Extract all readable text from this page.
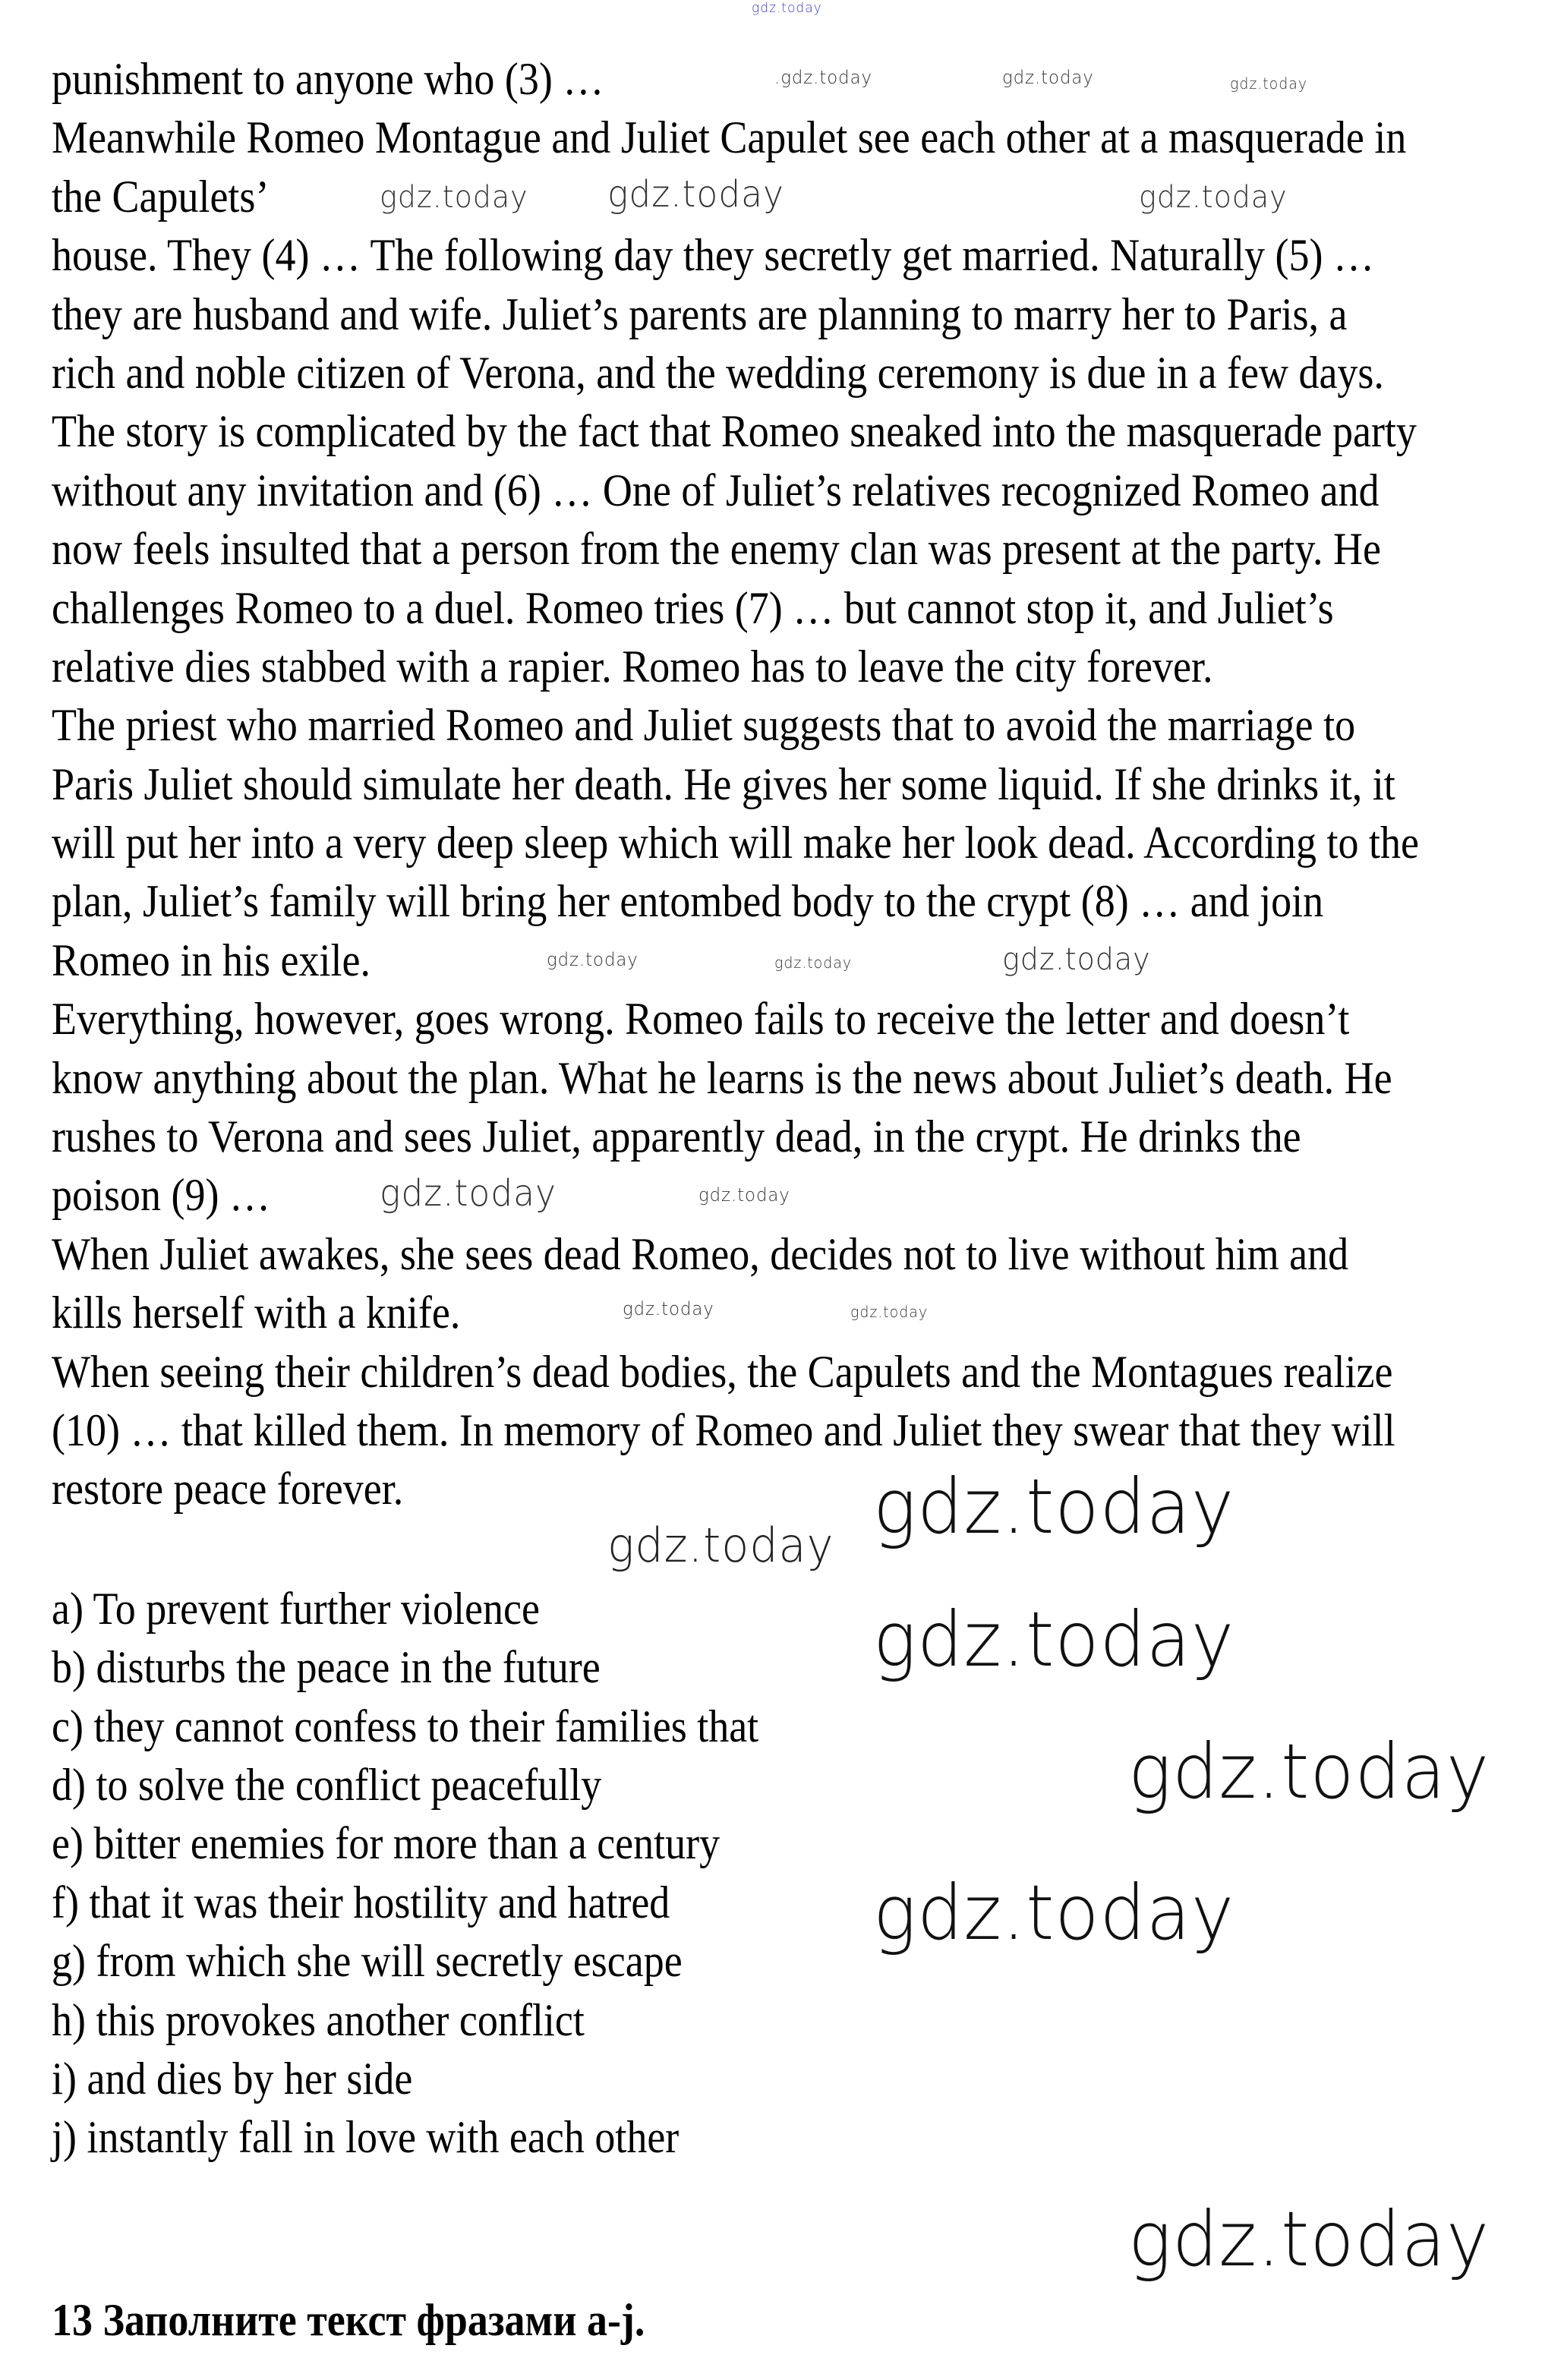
punishment to anyone who (3) …
Meanwhile Romeo Montague and Juliet Capulet see each other at a masquerade in
the Capulets’
house. They (4) … The following day they secretly get married. Naturally (5) …
they are husband and wife. Juliet’s parents are planning to marry her to Paris, a
rich and noble citizen of Verona, and the wedding ceremony is due in a few days.
The story is complicated by the fact that Romeo sneaked into the masquerade party
without any invitation and (6) … One of Juliet’s relatives recognized Romeo and
now feels insulted that a person from the enemy clan was present at the party. He
challenges Romeo to a duel. Romeo tries (7) … but cannot stop it, and Juliet’s
relative dies stabbed with a rapier. Romeo has to leave the city forever.
The priest who married Romeo and Juliet suggests that to avoid the marriage to
Paris Juliet should simulate her death. He gives her some liquid. If she drinks it, it
will put her into a very deep sleep which will make her look dead. According to the
plan, Juliet’s family will bring her entombed body to the crypt (8) … and join
Romeo in his exile.
Everything, however, goes wrong. Romeo fails to receive the letter and doesn’t
know anything about the plan. What he learns is the news about Juliet’s death. He
rushes to Verona and sees Juliet, apparently dead, in the crypt. He drinks the
poison (9) …
When Juliet awakes, she sees dead Romeo, decides not to live without him and
kills herself with a knife.
When seeing their children’s dead bodies, the Capulets and the Montagues realize
(10) … that killed them. In memory of Romeo and Juliet they swear that they will
restore peace forever.
a) To prevent further violence
b) disturbs the peace in the future
c) they cannot confess to their families that
d) to solve the conflict peacefully
e) bitter enemies for more than a century
f) that it was their hostility and hatred
g) from which she will secretly escape
h) this provokes another conflict
i) and dies by her side
j) instantly fall in love with each other
13 Заполните текст фразами a-j.
gdz.today
gdz.today
gdz.today
.gdz.today	gdz.today	gdz.today
gdz.today
gdz.today
gdz.today
gdz.today	gdz.today
gdz.today
gdz.today	gdz.today
gdz.today
gdz.today
gdz.today
gdz.today
gdz.today
gdz.today
